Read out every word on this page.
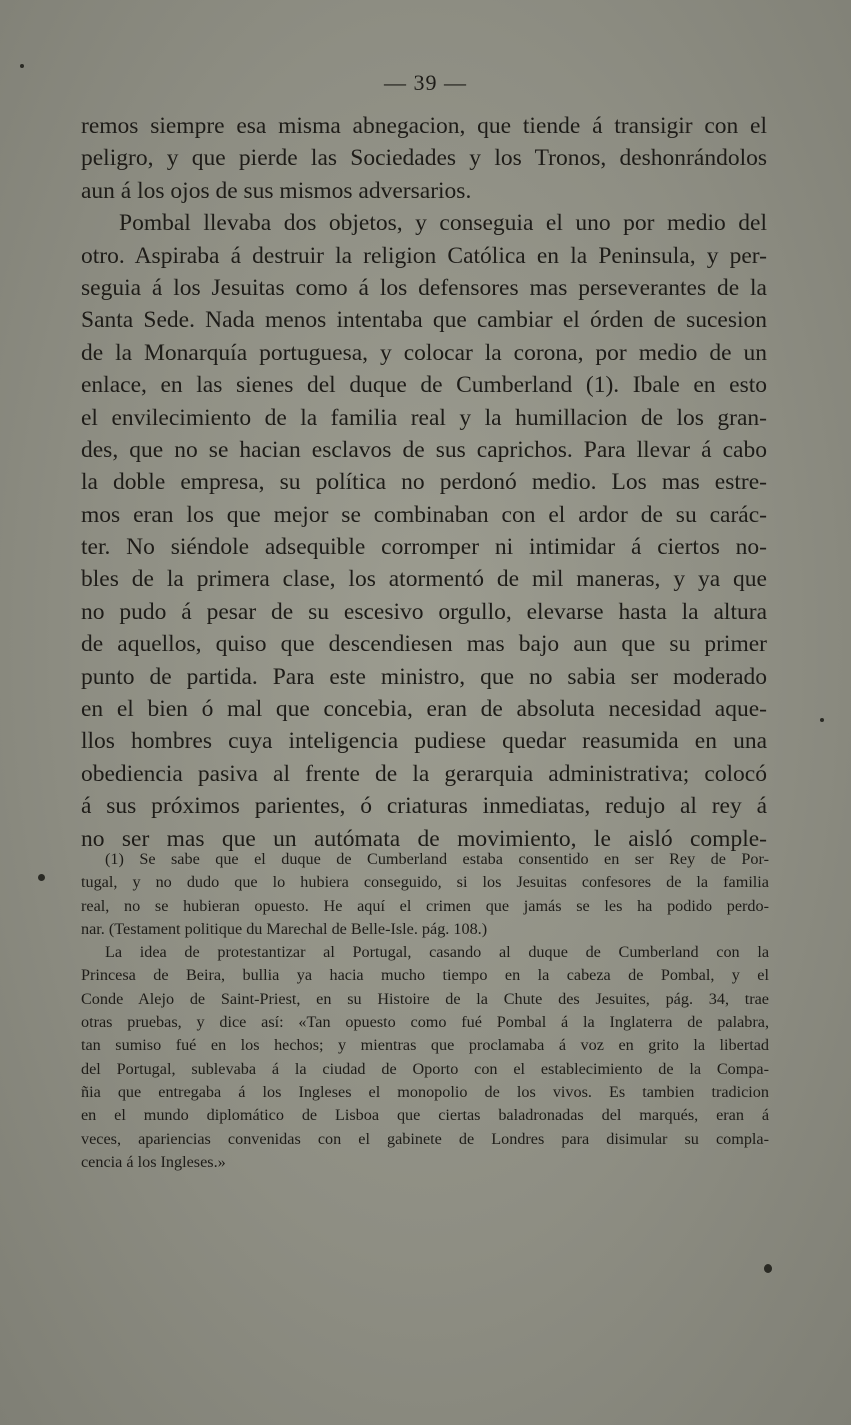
— 39 —
remos siempre esa misma abnegacion, que tiende á transigir con el
peligro, y que pierde las Sociedades y los Tronos, deshonrándolos
aun á los ojos de sus mismos adversarios.
Pombal llevaba dos objetos, y conseguia el uno por medio del
otro. Aspiraba á destruir la religion Católica en la Peninsula, y per-
seguia á los Jesuitas como á los defensores mas perseverantes de la
Santa Sede. Nada menos intentaba que cambiar el órden de sucesion
de la Monarquía portuguesa, y colocar la corona, por medio de un
enlace, en las sienes del duque de Cumberland (1). Ibale en esto
el envilecimiento de la familia real y la humillacion de los gran-
des, que no se hacian esclavos de sus caprichos. Para llevar á cabo
la doble empresa, su política no perdonó medio. Los mas estre-
mos eran los que mejor se combinaban con el ardor de su carác-
ter. No siéndole adsequible corromper ni intimidar á ciertos no-
bles de la primera clase, los atormentó de mil maneras, y ya que
no pudo á pesar de su escesivo orgullo, elevarse hasta la altura
de aquellos, quiso que descendiesen mas bajo aun que su primer
punto de partida. Para este ministro, que no sabia ser moderado
en el bien ó mal que concebia, eran de absoluta necesidad aque-
llos hombres cuya inteligencia pudiese quedar reasumida en una
obediencia pasiva al frente de la gerarquia administrativa; colocó
á sus próximos parientes, ó criaturas inmediatas, redujo al rey á
no ser mas que un autómata de movimiento, le aisló comple-
(1) Se sabe que el duque de Cumberland estaba consentido en ser Rey de Por-
tugal, y no dudo que lo hubiera conseguido, si los Jesuitas confesores de la familia
real, no se hubieran opuesto. He aquí el crimen que jamás se les ha podido perdo-
nar. (Testament politique du Marechal de Belle-Isle. pág. 108.)
La idea de protestantizar al Portugal, casando al duque de Cumberland con la
Princesa de Beira, bullia ya hacia mucho tiempo en la cabeza de Pombal, y el
Conde Alejo de Saint-Priest, en su Histoire de la Chute des Jesuites, pág. 34, trae
otras pruebas, y dice así: «Tan opuesto como fué Pombal á la Inglaterra de palabra,
tan sumiso fué en los hechos; y mientras que proclamaba á voz en grito la libertad
del Portugal, sublevaba á la ciudad de Oporto con el establecimiento de la Compa-
ñia que entregaba á los Ingleses el monopolio de los vivos. Es tambien tradicion
en el mundo diplomático de Lisboa que ciertas baladronadas del marqués, eran á
veces, apariencias convenidas con el gabinete de Londres para disimular su compla-
cencia á los Ingleses.»
